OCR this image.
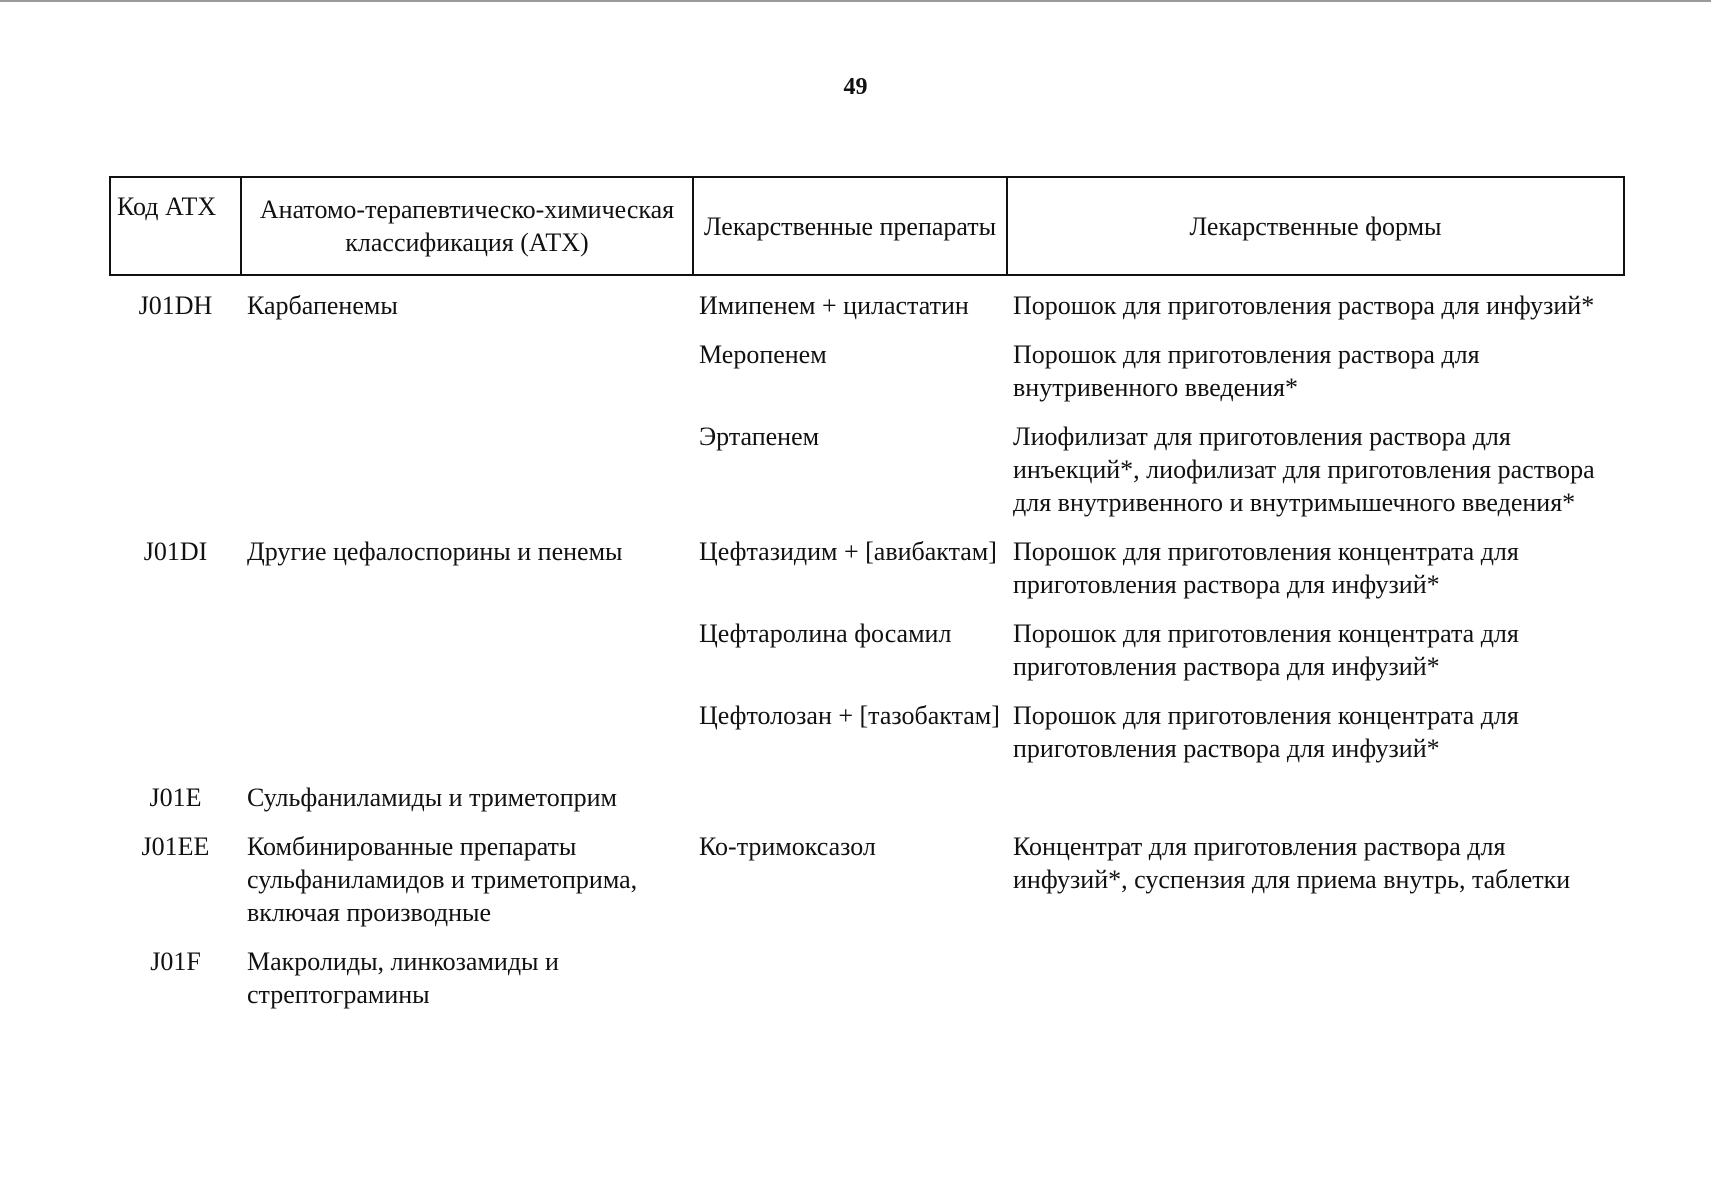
49
Код АТХ	Анатомо-терапевтическо-химическая классификация (АТХ)	Лекарственные препараты	Лекарственные формы
J01DH	Карбапенемы	Имипенем + циластатин	Порошок для приготовления раствора для инфузий*
		Меропенем	Порошок для приготовления раствора для внутривенного введения*
		Эртапенем	Лиофилизат для приготовления раствора для инъекций*, лиофилизат для приготовления раствора для внутривенного и внутримышечного введения*
J01DI	Другие цефалоспорины и пенемы	Цефтазидим + [авибактам]	Порошок для приготовления концентрата для приготовления раствора для инфузий*
		Цефтаролина фосамил	Порошок для приготовления концентрата для приготовления раствора для инфузий*
		Цефтолозан + [тазобактам]	Порошок для приготовления концентрата для приготовления раствора для инфузий*
J01E	Сульфаниламиды и триметоприм		
J01EE	Комбинированные препараты сульфаниламидов и триметоприма, включая производные	Ко-тримоксазол	Концентрат для приготовления раствора для инфузий*, суспензия для приема внутрь, таблетки
J01F	Макролиды, линкозамиды и стрептограмины		
